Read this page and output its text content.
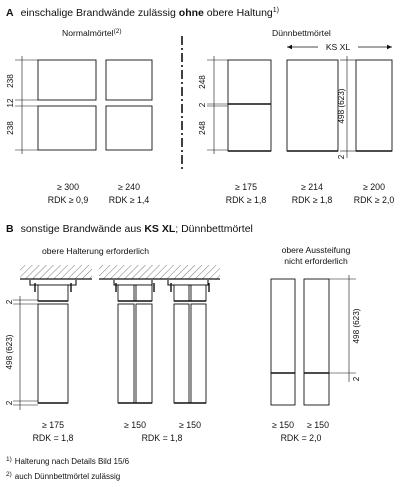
A einschalige Brandwände zulässig ohne obere Haltung$^{1)}$
Normalmörtel$^{(2)}$	Dünnbettmörtel
KS XL
238
12
238
248
2
248
498 (623)
2
≥ 300
RDK ≥ 0,9
≥ 240
RDK ≥ 1,4
≥ 175
RDK ≥ 1,8
≥ 214
RDK ≥ 1,8
≥ 200
RDK ≥ 2,0
B sonstige Brandwände aus KS XL; Dünnbettmörtel
obere Halterung erforderlich	obere Aussteifung
nicht erforderlich
2
498 (623)
2
498 (623)
2
≥ 175
RDK = 1,8
≥ 150	≥ 150
RDK = 1,8
≥ 150 ≥ 150
RDK = 2,0
$^{1)}$ Halterung nach Details Bild 15/6
$^{2)}$ auch Dünnbettmörtel zulässig
